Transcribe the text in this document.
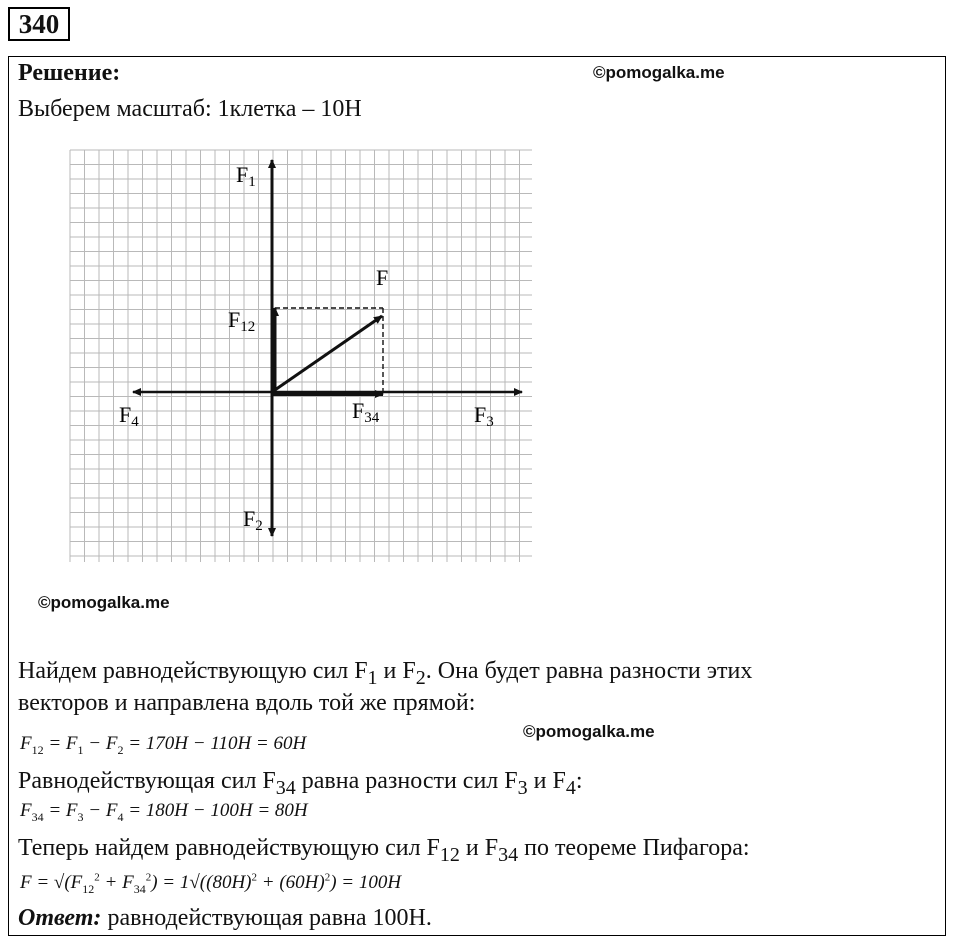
340
Решение:	©pomogalka.me
Выберем масштаб: 1клетка – 10Н
F1
F2
F3
F4
F
F12
F34
©pomogalka.me
Найдем равнодействующую сил $F_1$ и $F_2$. Она будет равна разности этих
векторов и направлена вдоль той же прямой:
©pomogalka.me
$F_{12} = F_1 - F_2 = 170H - 110H = 60H$
Равнодействующая сил $F_{34}$ равна разности сил $F_3$ и $F_4$:
$F_{34} = F_3 - F_4 = 180H - 100H = 80H$
Теперь найдем равнодействующую сил $F_{12}$ и $F_{34}$ по теореме Пифагора:
$F = √(F_{12}^2 + F_{34}^2) = 1√((80H)^2 + (60H)^2) = 100H$
Ответ: равнодействующая равна 100Н.
